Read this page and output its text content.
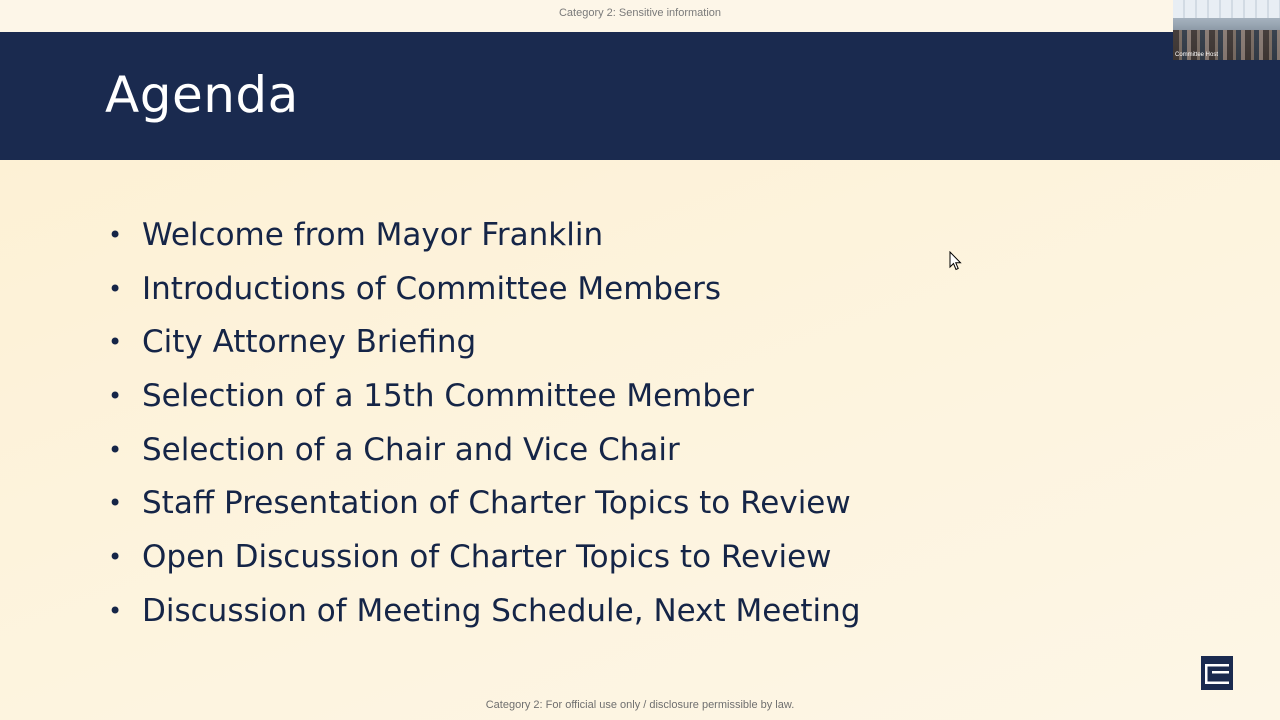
Category 2: Sensitive information
Agenda
• Welcome from Mayor Franklin
• Introductions of Committee Members
• City Attorney Briefing
• Selection of a 15th Committee Member
• Selection of a Chair and Vice Chair
• Staff Presentation of Charter Topics to Review
• Open Discussion of Charter Topics to Review
• Discussion of Meeting Schedule, Next Meeting
Category 2: For official use only / disclosure permissible by law.
Committee Host
